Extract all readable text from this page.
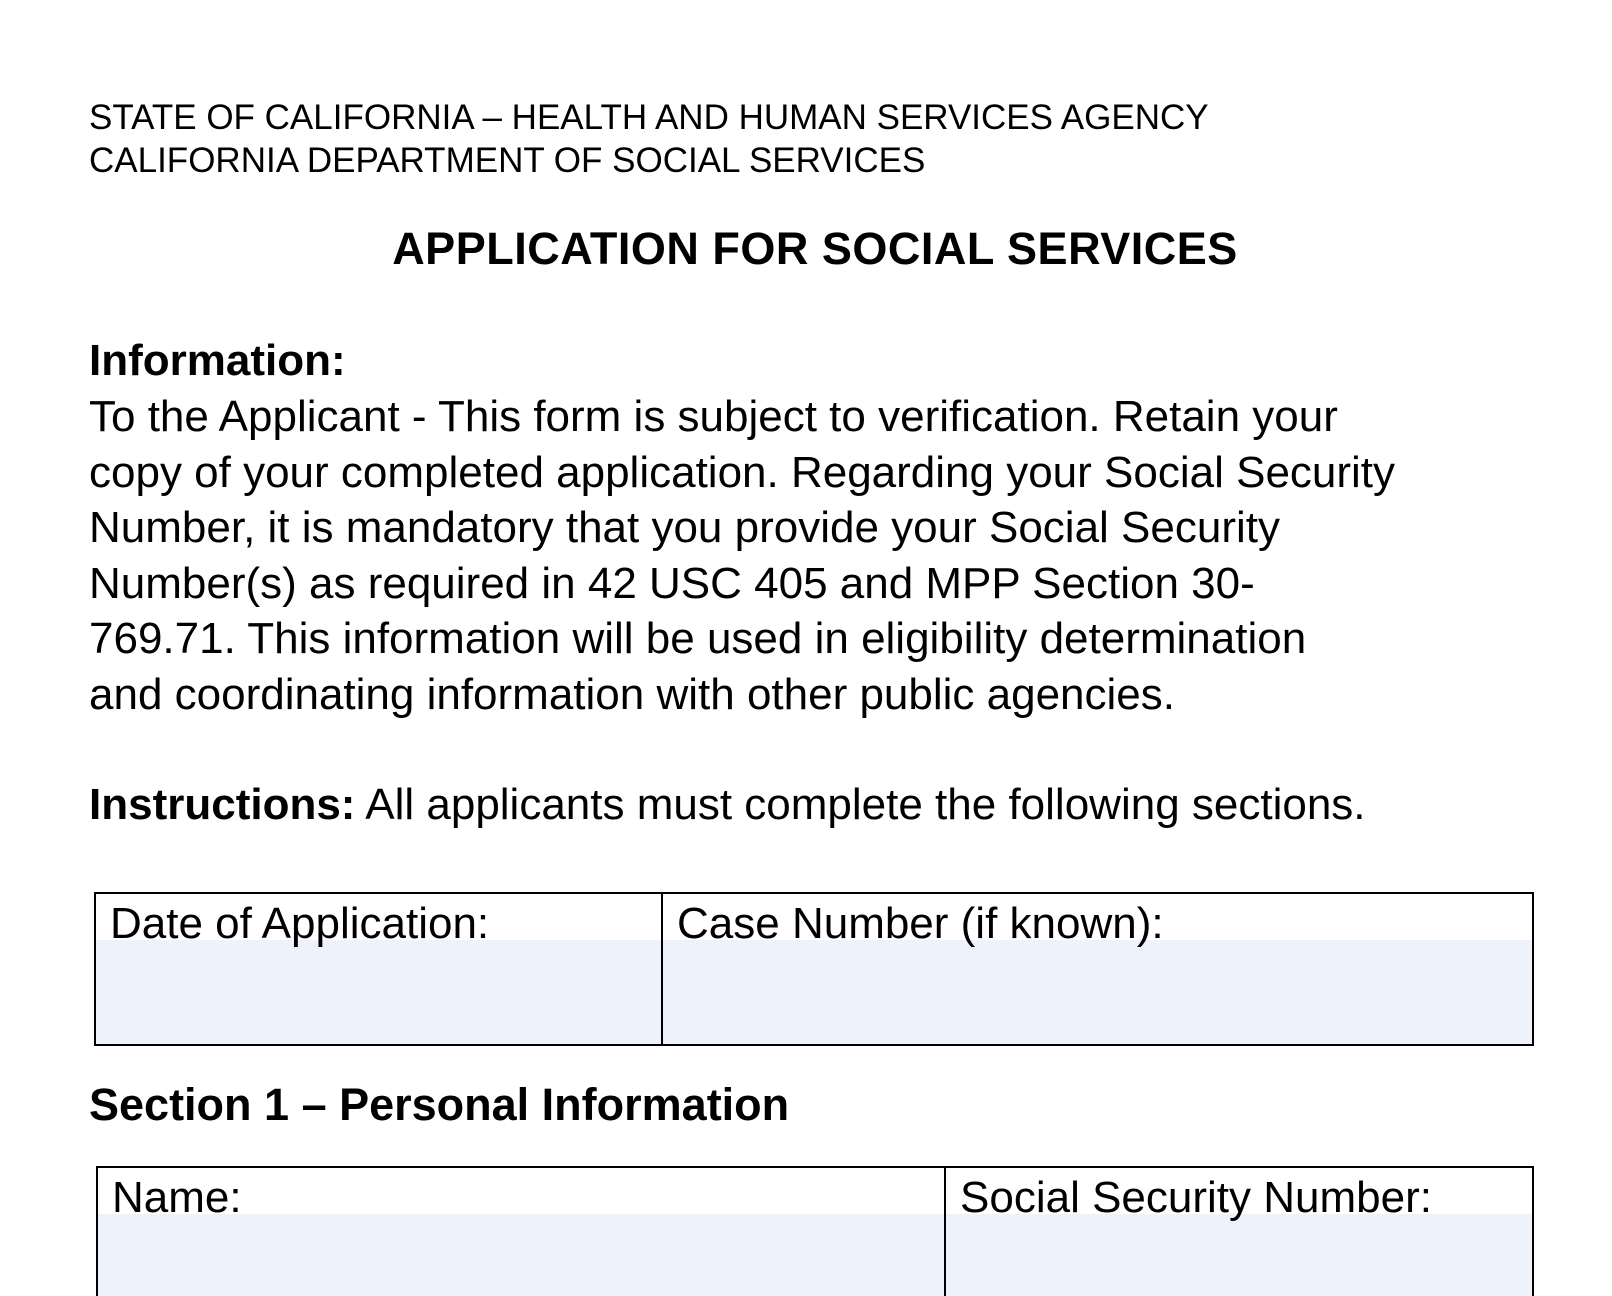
STATE OF CALIFORNIA – HEALTH AND HUMAN SERVICES AGENCY
CALIFORNIA DEPARTMENT OF SOCIAL SERVICES
APPLICATION FOR SOCIAL SERVICES
Information:
To the Applicant - This form is subject to verification. Retain your
copy of your completed application. Regarding your Social Security
Number, it is mandatory that you provide your Social Security
Number(s) as required in 42 USC 405 and MPP Section 30-
769.71. This information will be used in eligibility determination
and coordinating information with other public agencies.
Instructions: All applicants must complete the following sections.
Date of Application:	Case Number (if known):
Section 1 – Personal Information
Name:	Social Security Number:
